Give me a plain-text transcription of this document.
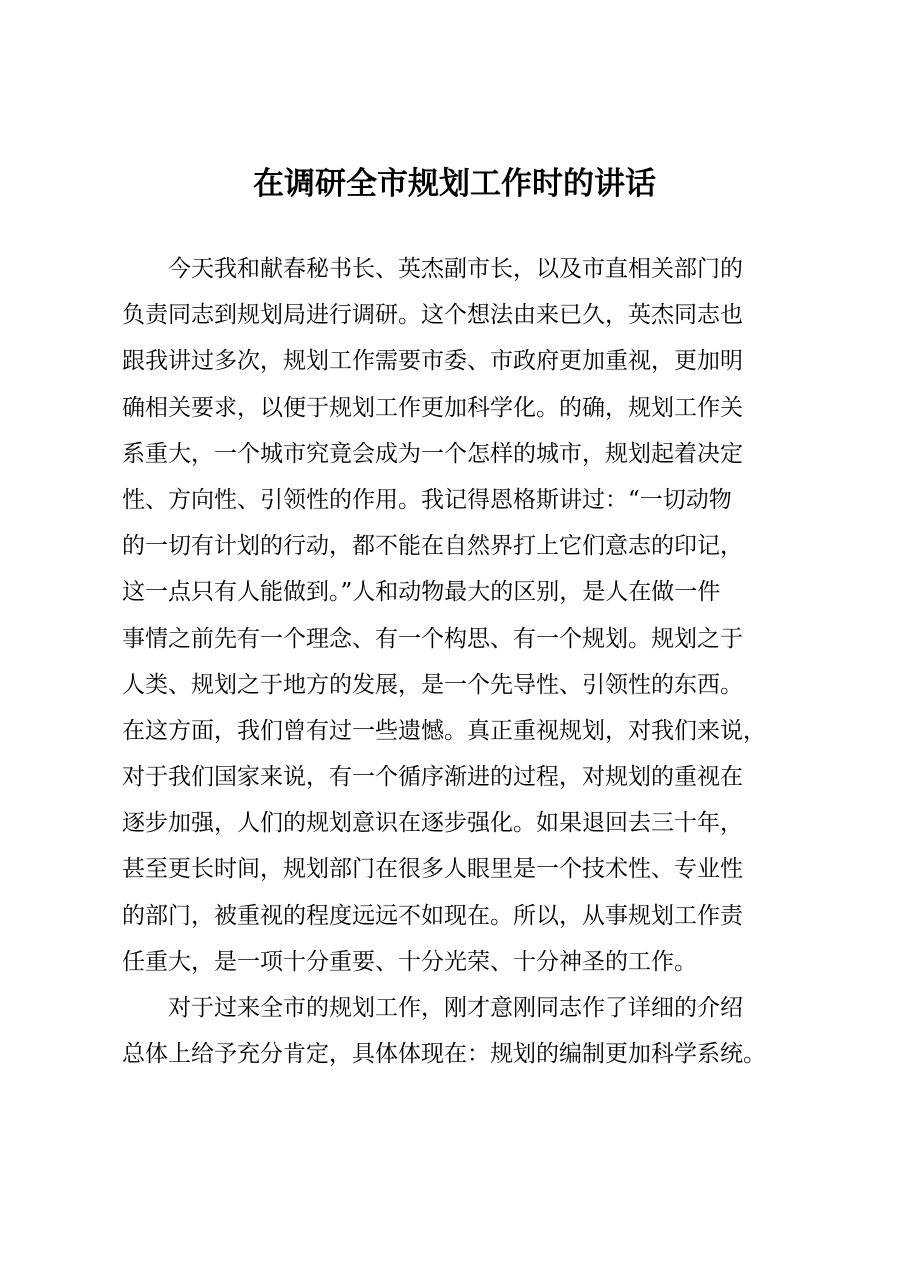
在调研全市规划工作时的讲话
今天我和献春秘书长、英杰副市长，以及市直相关部门的
负责同志到规划局进行调研。这个想法由来已久，英杰同志也
跟我讲过多次，规划工作需要市委、市政府更加重视，更加明
确相关要求，以便于规划工作更加科学化。的确，规划工作关
系重大，一个城市究竟会成为一个怎样的城市，规划起着决定
性、方向性、引领性的作用。我记得恩格斯讲过：“一切动物
的一切有计划的行动，都不能在自然界打上它们意志的印记，
这一点只有人能做到。”人和动物最大的区别，是人在做一件
事情之前先有一个理念、有一个构思、有一个规划。规划之于
人类、规划之于地方的发展，是一个先导性、引领性的东西。
在这方面，我们曾有过一些遗憾。真正重视规划，对我们来说，
对于我们国家来说，有一个循序渐进的过程，对规划的重视在
逐步加强，人们的规划意识在逐步强化。如果退回去三十年，
甚至更长时间，规划部门在很多人眼里是一个技术性、专业性
的部门，被重视的程度远远不如现在。所以，从事规划工作责
任重大，是一项十分重要、十分光荣、十分神圣的工作。
对于过来全市的规划工作，刚才意刚同志作了详细的介绍
总体上给予充分肯定，具体体现在：规划的编制更加科学系统。
